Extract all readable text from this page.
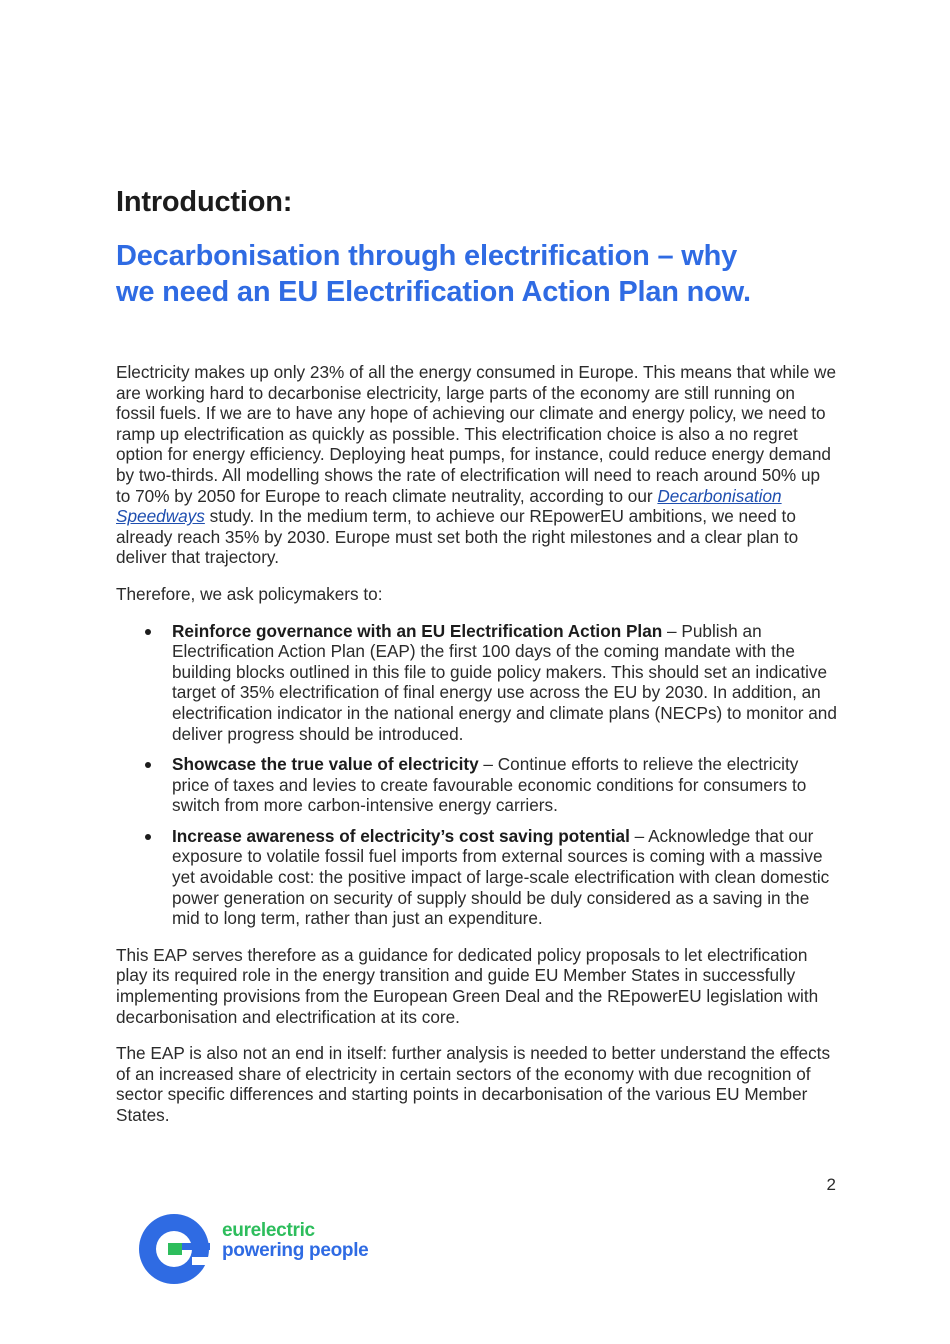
Introduction:
Decarbonisation through electrification – why
we need an EU Electrification Action Plan now.

Electricity makes up only 23% of all the energy consumed in Europe. This means that while we are working hard to decarbonise electricity, large parts of the economy are still running on fossil fuels. If we are to have any hope of achieving our climate and energy policy, we need to ramp up electrification as quickly as possible. This electrification choice is also a no regret option for energy efficiency. Deploying heat pumps, for instance, could reduce energy demand by two-thirds. All modelling shows the rate of electrification will need to reach around 50% up to 70% by 2050 for Europe to reach climate neutrality, according to our Decarbonisation Speedways study. In the medium term, to achieve our REpowerEU ambitions, we need to already reach 35% by 2030. Europe must set both the right milestones and a clear plan to deliver that trajectory.

Therefore, we ask policymakers to:

Reinforce governance with an EU Electrification Action Plan – Publish an Electrification Action Plan (EAP) the first 100 days of the coming mandate with the building blocks outlined in this file to guide policy makers. This should set an indicative target of 35% electrification of final energy use across the EU by 2030. In addition, an electrification indicator in the national energy and climate plans (NECPs) to monitor and deliver progress should be introduced.
Showcase the true value of electricity – Continue efforts to relieve the electricity price of taxes and levies to create favourable economic conditions for consumers to switch from more carbon-intensive energy carriers.
Increase awareness of electricity’s cost saving potential – Acknowledge that our exposure to volatile fossil fuel imports from external sources is coming with a massive yet avoidable cost: the positive impact of large-scale electrification with clean domestic power generation on security of supply should be duly considered as a saving in the mid to long term, rather than just an expenditure.

This EAP serves therefore as a guidance for dedicated policy proposals to let electrification play its required role in the energy transition and guide EU Member States in successfully implementing provisions from the European Green Deal and the REpowerEU legislation with decarbonisation and electrification at its core.

The EAP is also not an end in itself: further analysis is needed to better understand the effects of an increased share of electricity in certain sectors of the economy with due recognition of sector specific differences and starting points in decarbonisation of the various EU Member States.

2
eurelectric
powering people
